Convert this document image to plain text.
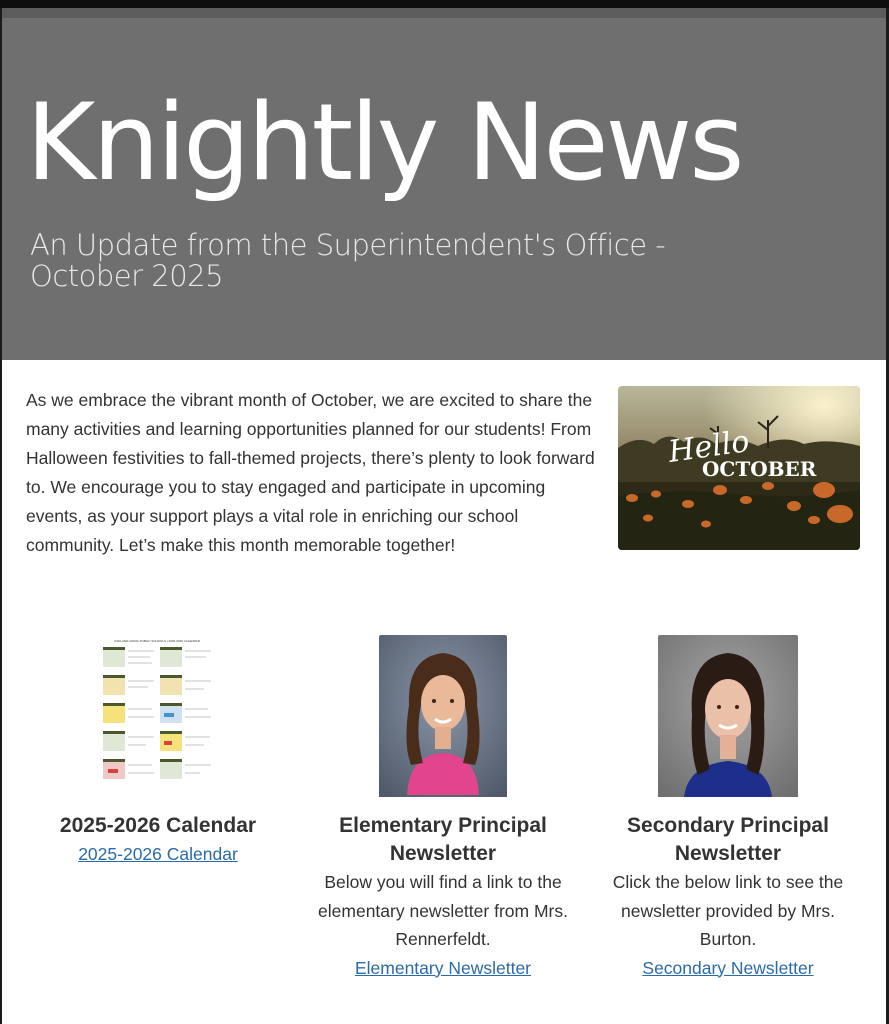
Knightly News
An Update from the Superintendent's Office - October 2025
As we embrace the vibrant month of October, we are excited to share the many activities and learning opportunities planned for our students! From Halloween festivities to fall-themed projects, there’s plenty to look forward to. We encourage you to stay engaged and participate in upcoming events, as your support plays a vital role in enriching our school community. Let’s make this month memorable together!
Hello
OCTOBER
OAKLAND-CRAIG PUBLIC SCHOOLS | 2025-2026 CALENDAR
2025-2026 Calendar
2025-2026 Calendar
Elementary Principal Newsletter
Below you will find a link to the elementary newsletter from Mrs. Rennerfeldt.
Elementary Newsletter
Secondary Principal Newsletter
Click the below link to see the newsletter provided by Mrs. Burton.
Secondary Newsletter
